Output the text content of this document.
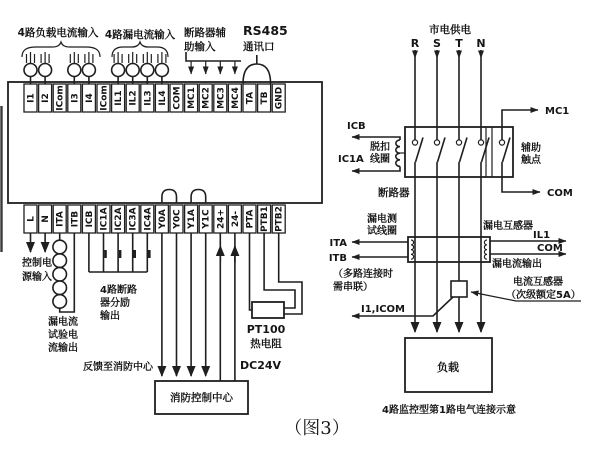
4路负载电流输入 4路漏电流输入 断路器辅
助输入
RS485
通讯口
I1 I2 ICom I3 I4 ICom IL1 IL2 IL3 IL4 COM MC1 MC2 MC3 MC4 TA TB GND
L N ITA ITB ICB IC1A IC2A IC3A IC4A Y0A Y0C Y1A Y1C 24+ 24- PTA PTB1 PTB2
控制电
源输入
漏电流
试验电
流输出
4路断路
器分励
输出
反馈至消防中心	DC24V
消防控制中心
PT100
热电阻
市电供电
R S T N
ICB
脱扣
线圈
IC1A
断路器
辅助
触点
MC1
COM
漏电测
试线圈
ITA
ITB
（多路连接时
需串联）
漏电互感器
IL1
COM
漏电流输出
电流互感器
（次级额定5A）
I1,ICOM
负载
4路监控型第1路电气连接示意
（图3）
